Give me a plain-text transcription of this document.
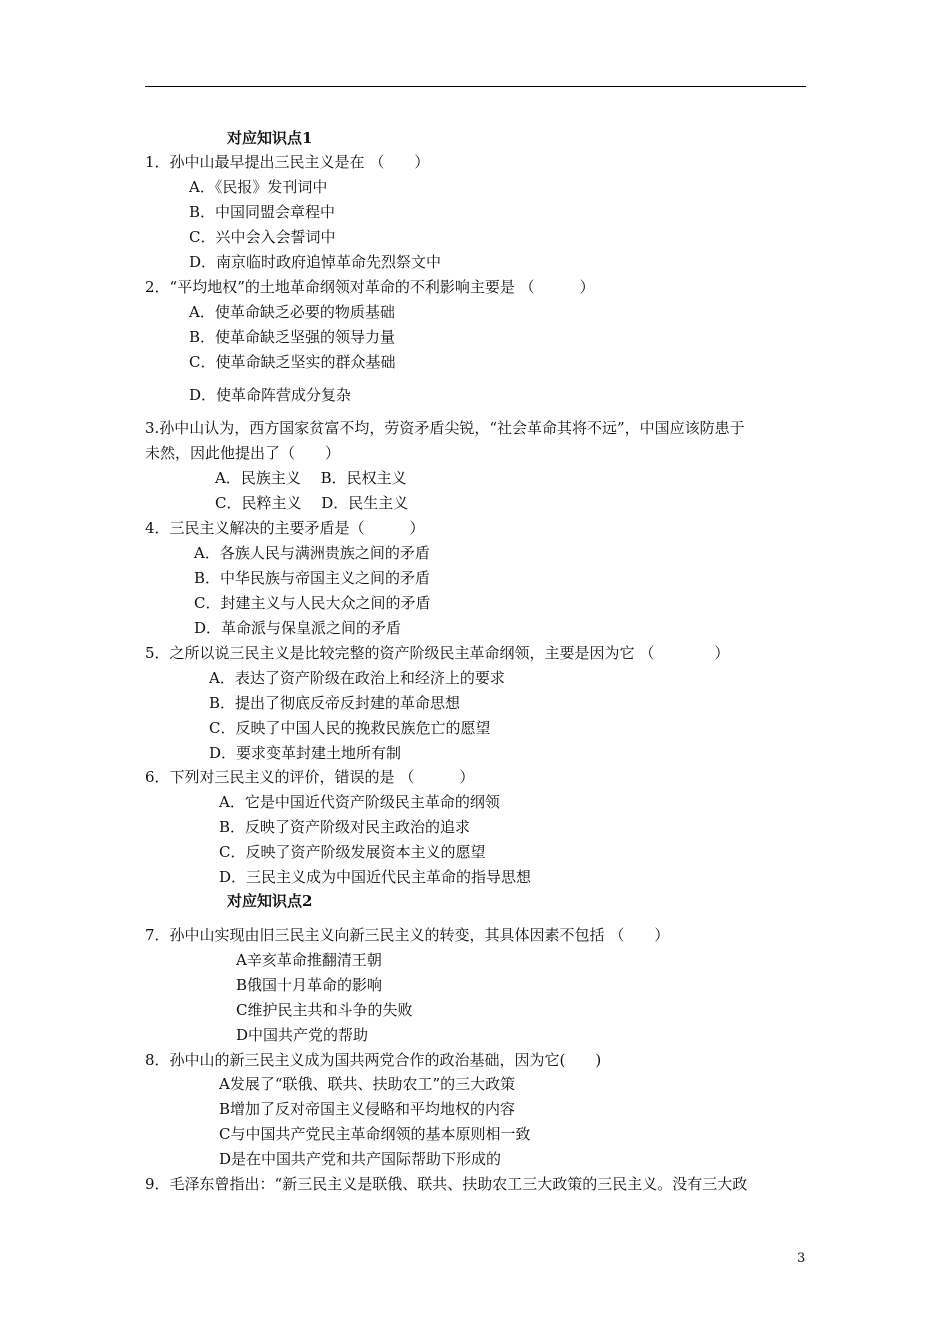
对应知识点1
1．孙中山最早提出三民主义是在 （　　）
A．《民报》发刊词中
B．中国同盟会章程中
C．兴中会入会誓词中
D．南京临时政府追悼革命先烈祭文中
2．“平均地权”的土地革命纲领对革命的不利影响主要是 （　　　）
A．使革命缺乏必要的物质基础
B．使革命缺乏坚强的领导力量
C．使革命缺乏坚实的群众基础
D．使革命阵营成分复杂
3.孙中山认为，西方国家贫富不均，劳资矛盾尖锐，“社会革命其将不远”，中国应该防患于
未然，因此他提出了（　　）
A．民族主义　 B．民权主义
C．民粹主义　 D．民生主义
4．三民主义解决的主要矛盾是（　　　）
A．各族人民与满洲贵族之间的矛盾
B．中华民族与帝国主义之间的矛盾
C．封建主义与人民大众之间的矛盾
D．革命派与保皇派之间的矛盾
5．之所以说三民主义是比较完整的资产阶级民主革命纲领，主要是因为它 （　　　　）
A．表达了资产阶级在政治上和经济上的要求
B．提出了彻底反帝反封建的革命思想
C．反映了中国人民的挽救民族危亡的愿望
D．要求变革封建土地所有制
6．下列对三民主义的评价，错误的是 （　　　）
A．它是中国近代资产阶级民主革命的纲领
B．反映了资产阶级对民主政治的追求
C．反映了资产阶级发展资本主义的愿望
D．三民主义成为中国近代民主革命的指导思想
对应知识点2
7．孙中山实现由旧三民主义向新三民主义的转变，其具体因素不包括 （　　）
A辛亥革命推翻清王朝
B俄国十月革命的影响
C维护民主共和斗争的失败
D中国共产党的帮助
8．孙中山的新三民主义成为国共两党合作的政治基础，因为它(　　)
A发展了“联俄、联共、扶助农工”的三大政策
B增加了反对帝国主义侵略和平均地权的内容
C与中国共产党民主革命纲领的基本原则相一致
D是在中国共产党和共产国际帮助下形成的
9．毛泽东曾指出：“新三民主义是联俄、联共、扶助农工三大政策的三民主义。没有三大政
3
